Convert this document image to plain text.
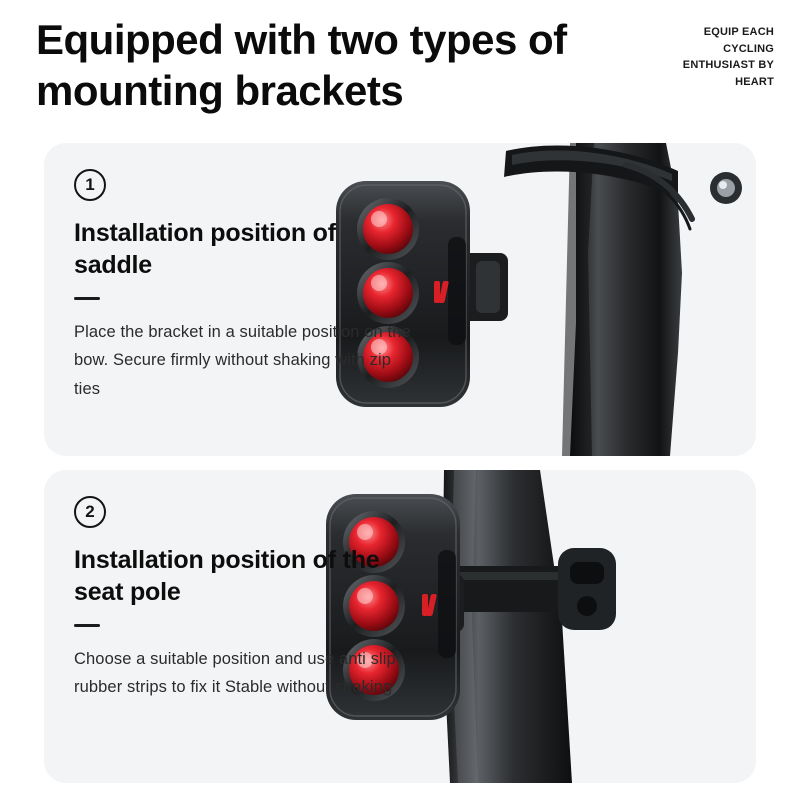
Equipped with two types of mounting brackets
EQUIP EACH CYCLING ENTHUSIAST BY HEART
1
Installation position of saddle
Place the bracket in a suitable position on the bow. Secure firmly without shaking with zip ties
2
Installation position of the seat pole
Choose a suitable position and use anti slip rubber strips to fix it Stable without shaking
